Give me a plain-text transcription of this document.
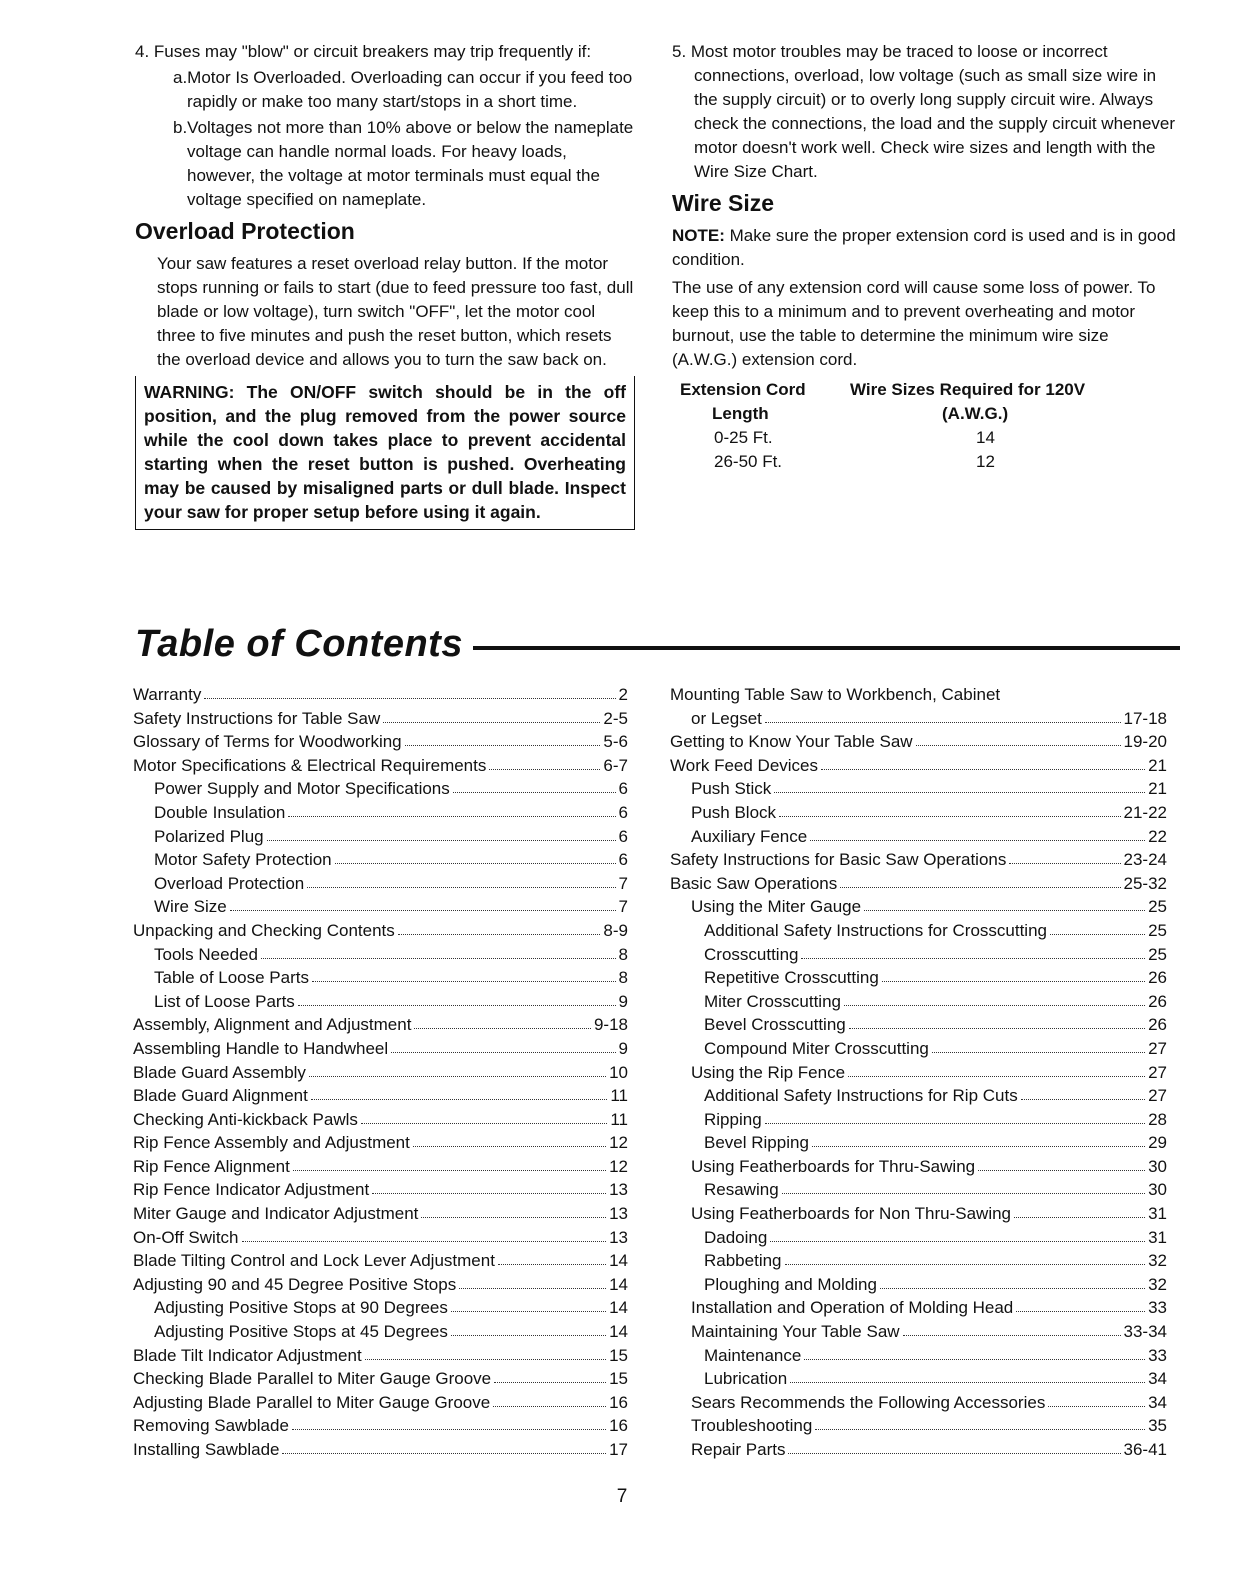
4. Fuses may "blow" or circuit breakers may trip frequently if:

a.Motor Is Overloaded. Overloading can occur if you feed too rapidly or make too many start/stops in a short time.

b.Voltages not more than 10% above or below the nameplate voltage can handle normal loads. For heavy loads, however, the voltage at motor terminals must equal the voltage specified on nameplate.

Overload Protection

Your saw features a reset overload relay button. If the motor stops running or fails to start (due to feed pressure too fast, dull blade or low voltage), turn switch "OFF", let the motor cool three to five minutes and push the reset button, which resets the overload device and allows you to turn the saw back on.

WARNING: The ON/OFF switch should be in the off position, and the plug removed from the power source while the cool down takes place to prevent accidental starting when the reset button is pushed. Overheating may be caused by misaligned parts or dull blade. Inspect your saw for proper setup before using it again.

5. Most motor troubles may be traced to loose or incorrect connections, overload, low voltage (such as small size wire in the supply circuit) or to overly long supply circuit wire. Always check the connections, the load and the supply circuit whenever motor doesn't work well. Check wire sizes and length with the Wire Size Chart.

Wire Size

NOTE: Make sure the proper extension cord is used and is in good condition.

The use of any extension cord will cause some loss of power. To keep this to a minimum and to prevent overheating and motor burnout, use the table to determine the minimum wire size (A.W.G.) extension cord.

Extension Cord	Wire Sizes Required for 120V
Length	(A.W.G.)
0-25 Ft.	14
26-50 Ft.	12
Table of Contents
Warranty	2
Safety Instructions for Table Saw	2-5
Glossary of Terms for Woodworking	5-6
Motor Specifications & Electrical Requirements	6-7
Power Supply and Motor Specifications	6
Double Insulation	6
Polarized Plug	6
Motor Safety Protection	6
Overload Protection	7
Wire Size	7
Unpacking and Checking Contents	8-9
Tools Needed	8
Table of Loose Parts	8
List of Loose Parts	9
Assembly, Alignment and Adjustment	9-18
Assembling Handle to Handwheel	9
Blade Guard Assembly	10
Blade Guard Alignment	11
Checking Anti-kickback Pawls	11
Rip Fence Assembly and Adjustment	12
Rip Fence Alignment	12
Rip Fence Indicator Adjustment	13
Miter Gauge and Indicator Adjustment	13
On-Off Switch	13
Blade Tilting Control and Lock Lever Adjustment	14
Adjusting 90 and 45 Degree Positive Stops	14
Adjusting Positive Stops at 90 Degrees	14
Adjusting Positive Stops at 45 Degrees	14
Blade Tilt Indicator Adjustment	15
Checking Blade Parallel to Miter Gauge Groove	15
Adjusting Blade Parallel to Miter Gauge Groove	16
Removing Sawblade	16
Installing Sawblade	17
Mounting Table Saw to Workbench, Cabinet
or Legset	17-18
Getting to Know Your Table Saw	19-20
Work Feed Devices	21
Push Stick	21
Push Block	21-22
Auxiliary Fence	22
Safety Instructions for Basic Saw Operations	23-24
Basic Saw Operations	25-32
Using the Miter Gauge	25
Additional Safety Instructions for Crosscutting	25
Crosscutting	25
Repetitive Crosscutting	26
Miter Crosscutting	26
Bevel Crosscutting	26
Compound Miter Crosscutting	27
Using the Rip Fence	27
Additional Safety Instructions for Rip Cuts	27
Ripping	28
Bevel Ripping	29
Using Featherboards for Thru-Sawing	30
Resawing	30
Using Featherboards for Non Thru-Sawing	31
Dadoing	31
Rabbeting	32
Ploughing and Molding	32
Installation and Operation of Molding Head	33
Maintaining Your Table Saw	33-34
Maintenance	33
Lubrication	34
Sears Recommends the Following Accessories	34
Troubleshooting	35
Repair Parts	36-41
7
